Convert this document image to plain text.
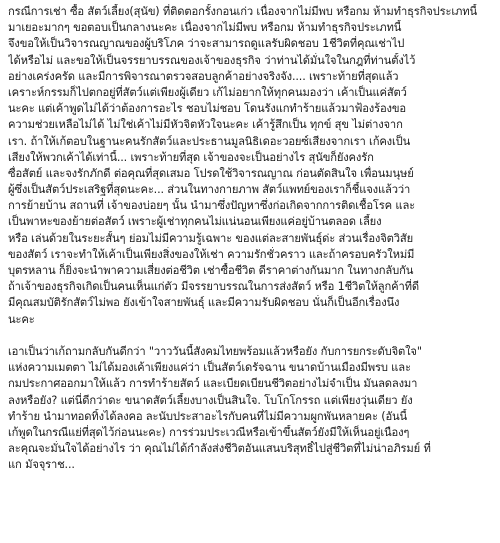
กรณีการเช่า ซื้อ สัตว์เลี้ยง(สุนัข) ที่ติดตอกรั้งกอนเก่ว เนื่องจากไม่มีพบ หรือกม ห้ามทำธุรกิจประเภทนี้
มาเยอะมากๆ ขอตอบเป็นกลางนะคะ เนื่องจากไม่มีพบ หรือกม ห้ามทำธุรกิจประเภทนี้
จึงขอให้เป็นวิจารณญาณของผู้บริโภค ว่าจะสามารถดูแลรับผิดชอบ 1ชีวิตที่คุณเช่าไป
ได้หรือไม่ และขอให้เป็นจรรยาบรรณของเจ้าของธุรกิจ ว่าท่านได้มั่นใจในกฎที่ท่านตั้งไว้
อย่างเคร่งครัด และมีการพิจารณาตรวจสอบลูกค้าอย่างจริงจัง.... เพราะท้ายที่สุดแล้ว
เคราะห์กรรมก็ไปตกอยู่ที่สัตว์แต่เพียงผู้เดียว เก้ไม่อยากให้ทุกคนมองว่า เค้าเป็นแค่สัตว์
นะคะ แต่เค้าพูดไม่ได้ว่าต้องการอะไร ชอบไม่ชอบ โดนรังแกทำร้ายแล้วมาฟ้องร้องขอ
ความช่วยเหลือไม่ได้ ไม่ใช่เค้าไม่มีหัวจิตหัวใจนะคะ เค้ารู้สึกเป็น ทุกข์ สุข ไม่ต่างจาก
เรา. ถ้าให้เก้ตอบในฐานะคนรักสัตว์และประธานมูลนิธิเดอะวอยซ์เสียงจากเรา เก้คงเป็น
เสียงให้พวกเค้าได้เท่านี้... เพราะท้ายที่สุด เจ้าของจะเป็นอย่างไร สุนัขก็ยังคงรัก
ซื่อสัตย์ และจงรักภักดี ต่อคุณที่สุดเสมอ โปรดใช้วิจารณญาณ ก่อนตัดสินใจ เพื่อนมนุษย์
ผู้ซึ่งเป็นสัตว์ประเสริฐที่สุดนะคะ... ส่วนในทางกายภาพ สัตว์แพทย์ของเราก็ชี้แจงแล้วว่า
การย้ายบ้าน สถานที่ เจ้าของบ่อยๆ นั้น นำมาซึ่งปัญหาซึ่งก่อเกิดจากการติดเชื้อโรค และ
เป็นพาหะของย้ายต่อสัตว์ เพราะผู้เช่าทุกคนไม่แน่นอนเพียงแค่อยู่บ้านตลอด เลี้ยง
หรือ เล่นด้วยในระยะสั้นๆ ย่อมไม่มีความรู้เฉพาะ ของแต่ละสายพันธุ์ด่ะ ส่วนเรื่องจิตวิสัย
ของสัตว์ เราจะทำให้เค้าเป็นเพียงสิ่งของให้เช่า ความรักชั่วคราว และถ้าครอบครัวใหม่มี
บุตรหลาน ก็ยิ่งจะนำพาความเสี่ยงต่อชีวิต เช่าซื้อชีวิต ดีราคาต่างกันมาก ในทางกลับกัน
ถ้าเจ้าของธุรกิจเกิดเป็นคนเห็นแก่ตัว มีจรรยาบรรณในการส่งสัตว์ หรือ 1ชีวิตให้ลูกค้าที่ดี
มีคุณสมบัติรักสัตว์ไม่พอ ยังเข้าใจสายพันธุ์ และมีความรับผิดชอบ นั่นก็เป็นอีกเรื่องนึง
นะคะ
เอาเป็นว่าเก้ถามกลับกันดีกว่า "วาววันนี้สังคมไทยพร้อมแล้วหรือยัง กับการยกระดับจิตใจ"
แห่งความเมตตา ไม่ได้มองเค้าเพียงแค่ว่า เป็นสัตว์เดรัจฉาน ขนาดบ้านเมืองมีพรบ และ
กมประกาศออกมาให้แล้ว การทำร้ายสัตว์ และเบียดเบียนชีวิตอย่างไม่จำเป็น มันลดลงมา
ลงหรือยัง? แต่นี่ดีกว่าดะ ขนาดสัตว์เลี้ยงบางเป็นสินใจ. โบโกโกรรถ แต่เพียงวุ่นเดียว ยัง
ทำร้าย นำมาทอดทิ้งได้ลงคอ ละนับประสาอะไรกับคนที่ไม่มีความผูกพันหลายคะ (อันนี้
เก้พูดในกรณีแย่ที่สุดไว้ก่อนนะคะ) การร่วมประเวณีหรือเข้าขึ้นสัตว์ยังมีให้เห็นอยู่เนืองๆ
ละคุณจะมั่นใจได้อย่างไร ว่า คุณไม่ได้กำลังส่งชีวิตอันแสนบริสุทธิ์ไปสู่ชีวิตที่ไม่น่าอภิรมย์ ที่
แก มัจจุราช...
